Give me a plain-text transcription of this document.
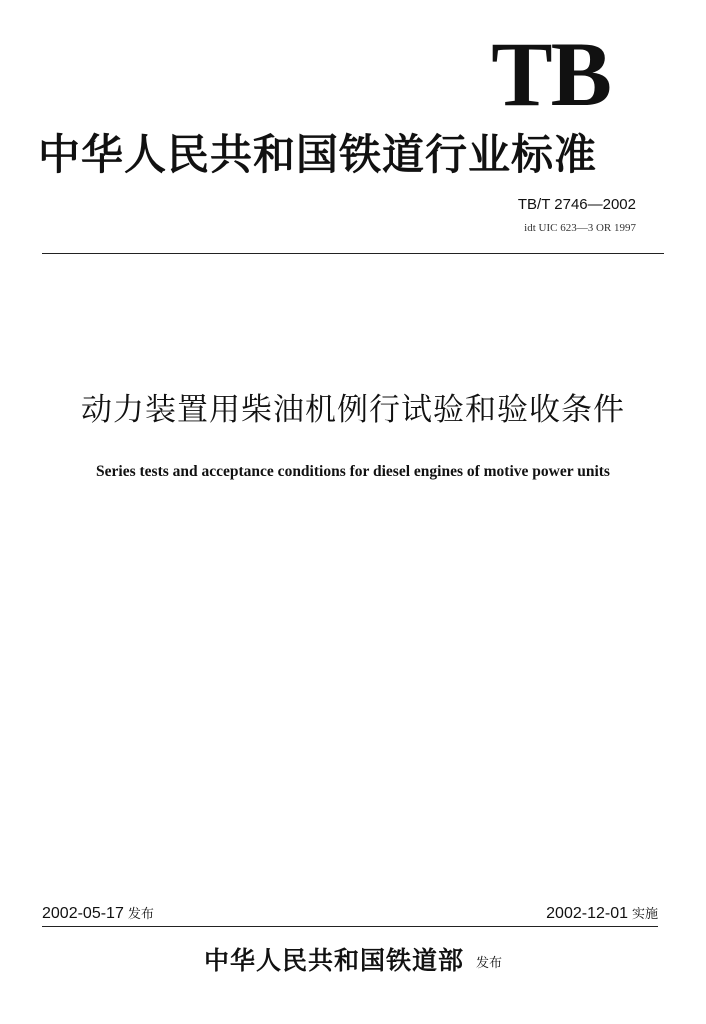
TB
中华人民共和国铁道行业标准
TB/T 2746—2002
idt UIC 623—3 OR 1997
动力装置用柴油机例行试验和验收条件
Series tests and acceptance conditions for diesel engines of motive power units
2002-05-17 发布	2002-12-01 实施
中华人民共和国铁道部 发布
